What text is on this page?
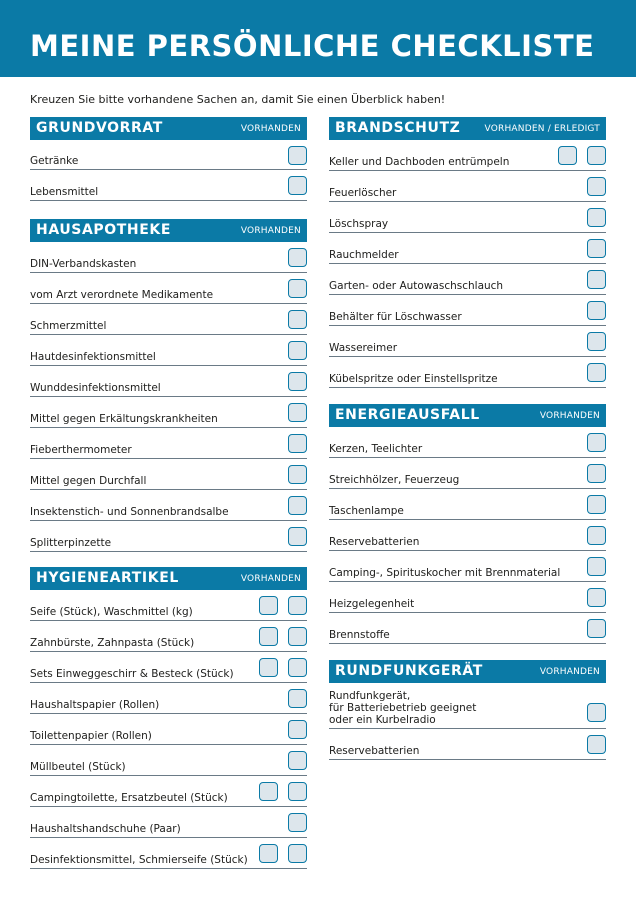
MEINE PERSÖNLICHE CHECKLISTE
Kreuzen Sie bitte vorhandene Sachen an, damit Sie einen Überblick haben!
GRUNDVORRAT	VORHANDEN
Getränke
Lebensmittel
HAUSAPOTHEKE	VORHANDEN
DIN-Verbandskasten
vom Arzt verordnete Medikamente
Schmerzmittel
Hautdesinfektionsmittel
Wunddesinfektionsmittel
Mittel gegen Erkältungskrankheiten
Fieberthermometer
Mittel gegen Durchfall
Insektenstich- und Sonnenbrandsalbe
Splitterpinzette
HYGIENEARTIKEL	VORHANDEN
Seife (Stück), Waschmittel (kg)
Zahnbürste, Zahnpasta (Stück)
Sets Einweggeschirr & Besteck (Stück)
Haushaltspapier (Rollen)
Toilettenpapier (Rollen)
Müllbeutel (Stück)
Campingtoilette, Ersatzbeutel (Stück)
Haushaltshandschuhe (Paar)
Desinfektionsmittel, Schmierseife (Stück)
BRANDSCHUTZ	VORHANDEN / ERLEDIGT
Keller und Dachboden entrümpeln
Feuerlöscher
Löschspray
Rauchmelder
Garten- oder Autowaschschlauch
Behälter für Löschwasser
Wassereimer
Kübelspritze oder Einstellspritze
ENERGIEAUSFALL	VORHANDEN
Kerzen, Teelichter
Streichhölzer, Feuerzeug
Taschenlampe
Reservebatterien
Camping-, Spirituskocher mit Brennmaterial
Heizgelegenheit
Brennstoffe
RUNDFUNKGERÄT	VORHANDEN
Rundfunkgerät,
für Batteriebetrieb geeignet
oder ein Kurbelradio
Reservebatterien
